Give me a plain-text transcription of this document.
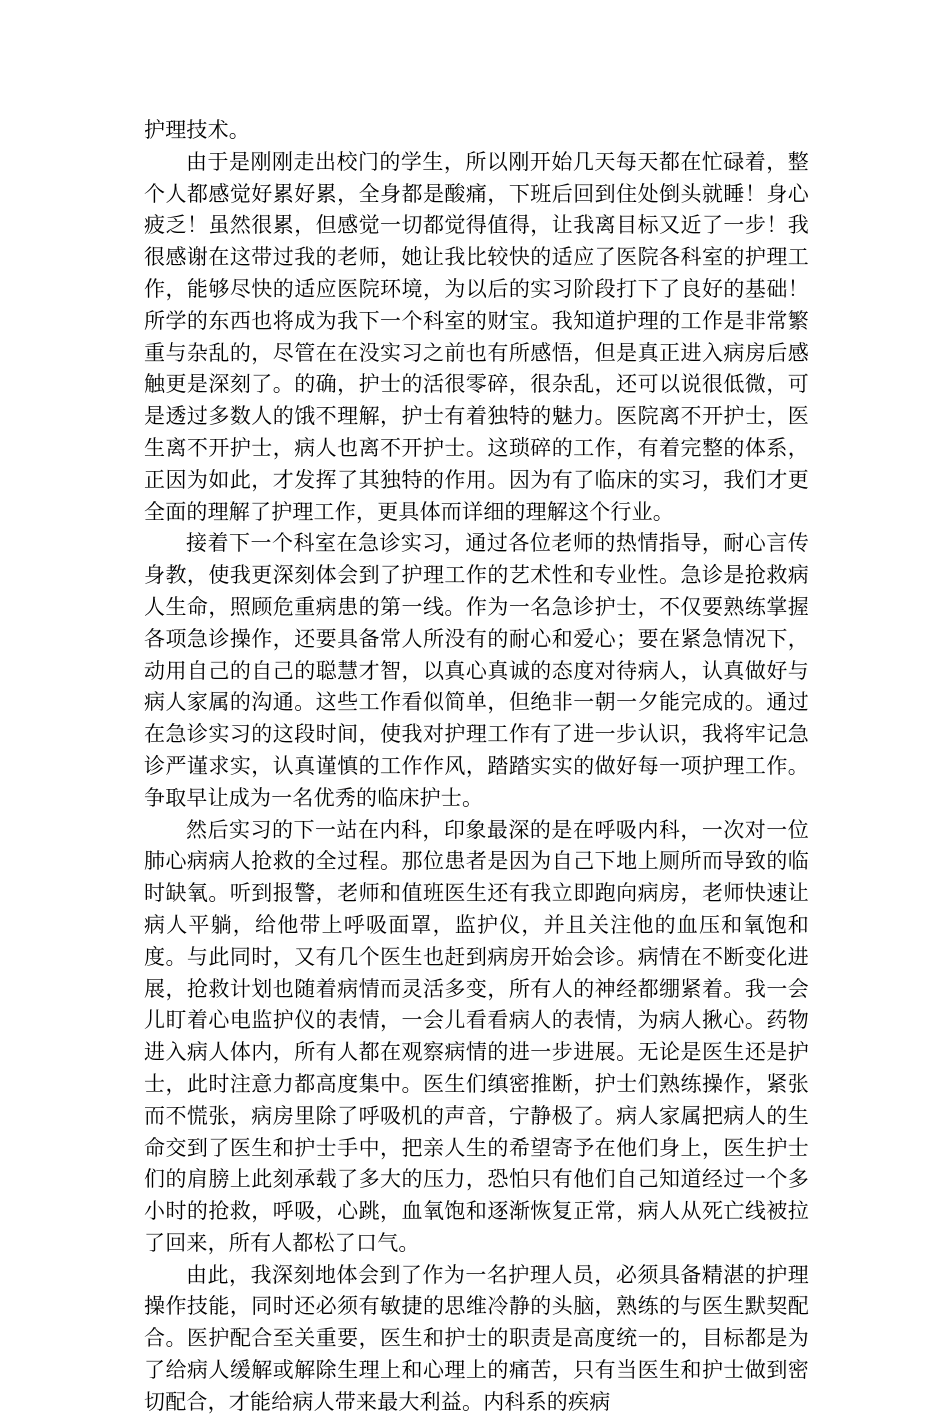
护理技术。

由于是刚刚走出校门的学生，所以刚开始几天每天都在忙碌着，整个人都感觉好累好累，全身都是酸痛，下班后回到住处倒头就睡！身心疲乏！虽然很累，但感觉一切都觉得值得，让我离目标又近了一步！我很感谢在这带过我的老师，她让我比较快的适应了医院各科室的护理工作，能够尽快的适应医院环境，为以后的实习阶段打下了良好的基础！所学的东西也将成为我下一个科室的财宝。我知道护理的工作是非常繁重与杂乱的，尽管在在没实习之前也有所感悟，但是真正进入病房后感触更是深刻了。的确，护士的活很零碎，很杂乱，还可以说很低微，可是透过多数人的饿不理解，护士有着独特的魅力。医院离不开护士，医生离不开护士，病人也离不开护士。这琐碎的工作，有着完整的体系，正因为如此，才发挥了其独特的作用。因为有了临床的实习，我们才更全面的理解了护理工作，更具体而详细的理解这个行业。

接着下一个科室在急诊实习，通过各位老师的热情指导，耐心言传身教，使我更深刻体会到了护理工作的艺术性和专业性。急诊是抢救病人生命，照顾危重病患的第一线。作为一名急诊护士，不仅要熟练掌握各项急诊操作，还要具备常人所没有的耐心和爱心；要在紧急情况下，动用自己的自己的聪慧才智，以真心真诚的态度对待病人，认真做好与病人家属的沟通。这些工作看似简单，但绝非一朝一夕能完成的。通过在急诊实习的这段时间，使我对护理工作有了进一步认识，我将牢记急诊严谨求实，认真谨慎的工作作风，踏踏实实的做好每一项护理工作。争取早让成为一名优秀的临床护士。

然后实习的下一站在内科，印象最深的是在呼吸内科，一次对一位肺心病病人抢救的全过程。那位患者是因为自己下地上厕所而导致的临时缺氧。听到报警，老师和值班医生还有我立即跑向病房，老师快速让病人平躺，给他带上呼吸面罩，监护仪，并且关注他的血压和氧饱和度。与此同时，又有几个医生也赶到病房开始会诊。病情在不断变化进展，抢救计划也随着病情而灵活多变，所有人的神经都绷紧着。我一会儿盯着心电监护仪的表情，一会儿看看病人的表情，为病人揪心。药物进入病人体内，所有人都在观察病情的进一步进展。无论是医生还是护士，此时注意力都高度集中。医生们缜密推断，护士们熟练操作，紧张而不慌张，病房里除了呼吸机的声音，宁静极了。病人家属把病人的生命交到了医生和护士手中，把亲人生的希望寄予在他们身上，医生护士们的肩膀上此刻承载了多大的压力，恐怕只有他们自己知道经过一个多小时的抢救，呼吸，心跳，血氧饱和逐渐恢复正常，病人从死亡线被拉了回来，所有人都松了口气。

由此，我深刻地体会到了作为一名护理人员，必须具备精湛的护理操作技能，同时还必须有敏捷的思维冷静的头脑，熟练的与医生默契配合。医护配合至关重要，医生和护士的职责是高度统一的，目标都是为了给病人缓解或解除生理上和心理上的痛苦，只有当医生和护士做到密切配合，才能给病人带来最大利益。内科系的疾病
